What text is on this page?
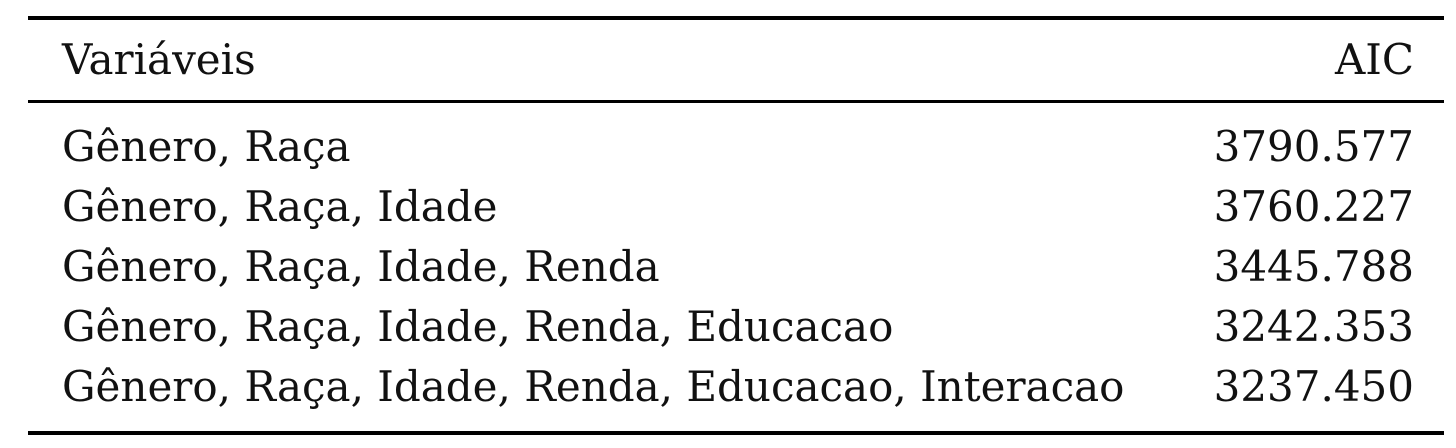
Variáveis	AIC
Gênero, Raça	3790.577
Gênero, Raça, Idade	3760.227
Gênero, Raça, Idade, Renda	3445.788
Gênero, Raça, Idade, Renda, Educacao	3242.353
Gênero, Raça, Idade, Renda, Educacao, Interacao 3237.450
